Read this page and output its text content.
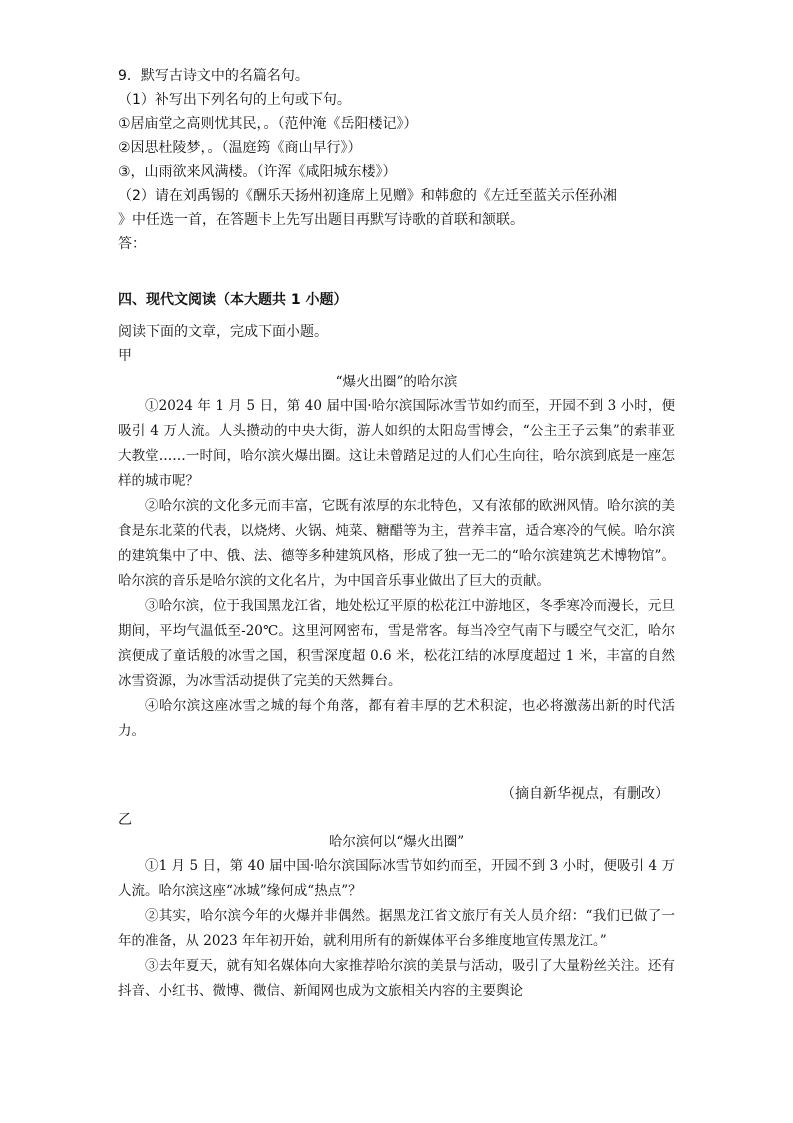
9．默写古诗文中的名篇名句。
（1）补写出下列名句的上句或下句。
①居庙堂之高则忧其民，。（范仲淹《岳阳楼记》）
②因思杜陵梦，。（温庭筠《商山早行》）
③，山雨欲来风满楼。（许浑《咸阳城东楼》）
（2）请在刘禹锡的《酬乐天扬州初逢席上见赠》和韩愈的《左迁至蓝关示侄孙湘
》中任选一首，在答题卡上先写出题目再默写诗歌的首联和颔联。
答：
四、现代文阅读（本大题共 1 小题）
阅读下面的文章，完成下面小题。
甲
“爆火出圈”的哈尔滨

①2024 年 1 月 5 日，第 40 届中国·哈尔滨国际冰雪节如约而至，开园不到 3 小时，便吸引 4 万人流。人头攒动的中央大街，游人如织的太阳岛雪博会，“公主王子云集”的索菲亚大教堂……一时间，哈尔滨火爆出圈。这让未曾踏足过的人们心生向往，哈尔滨到底是一座怎样的城市呢？

②哈尔滨的文化多元而丰富，它既有浓厚的东北特色，又有浓郁的欧洲风情。哈尔滨的美食是东北菜的代表，以烧烤、火锅、炖菜、糖醋等为主，营养丰富，适合寒冷的气候。哈尔滨的建筑集中了中、俄、法、德等多种建筑风格，形成了独一无二的“哈尔滨建筑艺术博物馆”。哈尔滨的音乐是哈尔滨的文化名片，为中国音乐事业做出了巨大的贡献。

③哈尔滨，位于我国黑龙江省，地处松辽平原的松花江中游地区，冬季寒冷而漫长，元旦期间，平均气温低至-20℃。这里河网密布，雪是常客。每当冷空气南下与暖空气交汇，哈尔滨便成了童话般的冰雪之国，积雪深度超 0.6 米，松花江结的冰厚度超过 1 米，丰富的自然冰雪资源，为冰雪活动提供了完美的天然舞台。

④哈尔滨这座冰雪之城的每个角落，都有着丰厚的艺术积淀，也必将激荡出新的时代活力。

（摘自新华视点，有删改）
乙
哈尔滨何以“爆火出圈”

①1 月 5 日，第 40 届中国·哈尔滨国际冰雪节如约而至，开园不到 3 小时，便吸引 4 万人流。哈尔滨这座“冰城”缘何成“热点”？

②其实，哈尔滨今年的火爆并非偶然。据黑龙江省文旅厅有关人员介绍：“我们已做了一年的准备，从 2023 年年初开始，就利用所有的新媒体平台多维度地宣传黑龙江。”

③去年夏天，就有知名媒体向大家推荐哈尔滨的美景与活动，吸引了大量粉丝关注。还有抖音、小红书、微博、微信、新闻网也成为文旅相关内容的主要舆论
